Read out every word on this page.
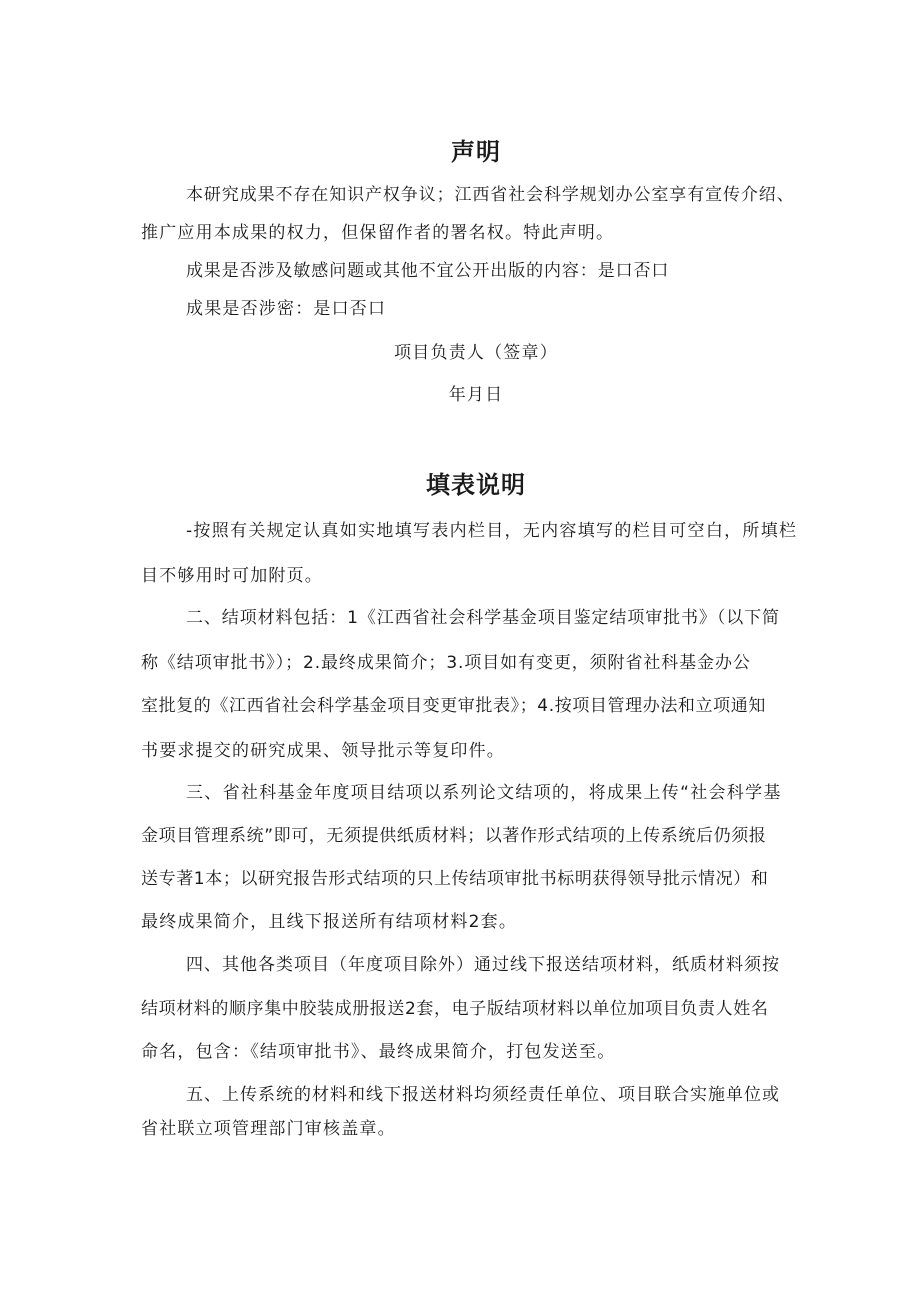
声明
本研究成果不存在知识产权争议；江西省社会科学规划办公室享有宣传介绍、
推广应用本成果的权力，但保留作者的署名权。特此声明。
成果是否涉及敏感问题或其他不宜公开出版的内容：是口否口
成果是否涉密：是口否口
项目负责人（签章）
年月日
填表说明
-按照有关规定认真如实地填写表内栏目，无内容填写的栏目可空白，所填栏
目不够用时可加附页。
二、结项材料包括：1《江西省社会科学基金项目鉴定结项审批书》（以下简
称《结项审批书》）；2.最终成果简介；3.项目如有变更，须附省社科基金办公
室批复的《江西省社会科学基金项目变更审批表》；4.按项目管理办法和立项通知
书要求提交的研究成果、领导批示等复印件。
三、省社科基金年度项目结项以系列论文结项的，将成果上传“社会科学基
金项目管理系统”即可，无须提供纸质材料；以著作形式结项的上传系统后仍须报
送专著1本；以研究报告形式结项的只上传结项审批书标明获得领导批示情况）和
最终成果简介，且线下报送所有结项材料2套。
四、其他各类项目（年度项目除外）通过线下报送结项材料，纸质材料须按
结项材料的顺序集中胶装成册报送2套，电子版结项材料以单位加项目负责人姓名
命名，包含：《结项审批书》、最终成果简介，打包发送至。
五、上传系统的材料和线下报送材料均须经责任单位、项目联合实施单位或
省社联立项管理部门审核盖章。
